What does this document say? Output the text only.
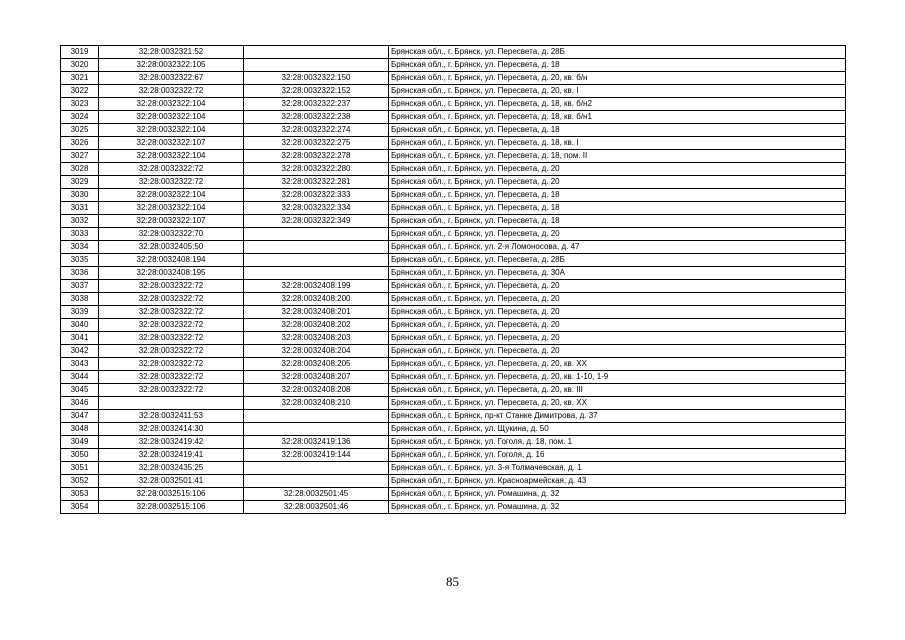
3019	32:28:0032321:52		Брянская обл., г. Брянск, ул. Пересвета, д. 28Б
3020	32:28:0032322:105		Брянская обл., г. Брянск, ул. Пересвета, д. 18
3021	32:28:0032322:67	32:28:0032322:150	Брянская обл., г. Брянск, ул. Пересвета, д. 20, кв. б/н
3022	32:28:0032322:72	32:28:0032322:152	Брянская обл., г. Брянск, ул. Пересвета, д. 20, кв. I
3023	32:28:0032322:104	32:28:0032322:237	Брянская обл., г. Брянск, ул. Пересвета, д. 18, кв. б/н2
3024	32:28:0032322:104	32:28:0032322:238	Брянская обл., г. Брянск, ул. Пересвета, д. 18, кв. б/н1
3025	32:28:0032322:104	32:28:0032322:274	Брянская обл., г. Брянск, ул. Пересвета, д. 18
3026	32:28:0032322:107	32:28:0032322:275	Брянская обл., г. Брянск, ул. Пересвета, д. 18, кв. I
3027	32:28:0032322:104	32:28:0032322:278	Брянская обл., г. Брянск, ул. Пересвета, д. 18, пом. II
3028	32:28:0032322:72	32:28:0032322:280	Брянская обл., г. Брянск, ул. Пересвета, д. 20
3029	32:28:0032322:72	32:28:0032322:281	Брянская обл., г. Брянск, ул. Пересвета, д. 20
3030	32:28:0032322:104	32:28:0032322:333	Брянская обл., г. Брянск, ул. Пересвета, д. 18
3031	32:28:0032322:104	32:28:0032322:334	Брянская обл., г. Брянск, ул. Пересвета, д. 18
3032	32:28:0032322:107	32:28:0032322:349	Брянская обл., г. Брянск, ул. Пересвета, д. 18
3033	32:28:0032322:70		Брянская обл., г. Брянск, ул. Пересвета, д. 20
3034	32:28:0032405:50		Брянская обл., г. Брянск, ул. 2-я Ломоносова, д. 47
3035	32:28:0032408:194		Брянская обл., г. Брянск, ул. Пересвета, д. 28Б
3036	32:28:0032408:195		Брянская обл., г. Брянск, ул. Пересвета, д. 30А
3037	32:28:0032322:72	32:28:0032408:199	Брянская обл., г. Брянск, ул. Пересвета, д. 20
3038	32:28:0032322:72	32:28:0032408:200	Брянская обл., г. Брянск, ул. Пересвета, д. 20
3039	32:28:0032322:72	32:28:0032408:201	Брянская обл., г. Брянск, ул. Пересвета, д. 20
3040	32:28:0032322:72	32:28:0032408:202	Брянская обл., г. Брянск, ул. Пересвета, д. 20
3041	32:28:0032322:72	32:28:0032408:203	Брянская обл., г. Брянск, ул. Пересвета, д. 20
3042	32:28:0032322:72	32:28:0032408:204	Брянская обл., г. Брянск, ул. Пересвета, д. 20
3043	32:28:0032322:72	32:28:0032408:205	Брянская обл., г. Брянск, ул. Пересвета, д. 20, кв. XX
3044	32:28:0032322:72	32:28:0032408:207	Брянская обл., г. Брянск, ул. Пересвета, д. 20, кв. 1-10, 1-9
3045	32:28:0032322:72	32:28:0032408:208	Брянская обл., г. Брянск, ул. Пересвета, д. 20, кв. III
3046		32:28:0032408:210	Брянская обл., г. Брянск, ул. Пересвета, д. 20, кв. XX
3047	32:28:0032411:53		Брянская обл., г. Брянск, пр-кт Станке Димитрова, д. 37
3048	32:28:0032414:30		Брянская обл., г. Брянск, ул. Щукина, д. 50
3049	32:28:0032419:42	32:28:0032419:136	Брянская обл., г. Брянск, ул. Гоголя, д. 18, пом. 1
3050	32:28:0032419:41	32:28:0032419:144	Брянская обл., г. Брянск, ул. Гоголя, д. 16
3051	32:28:0032435:25		Брянская обл., г. Брянск, ул. 3-я Толмачевская, д. 1
3052	32:28:0032501:41		Брянская обл., г. Брянск, ул. Красноармейская, д. 43
3053	32:28:0032515:106	32:28:0032501:45	Брянская обл., г. Брянск, ул. Ромашина, д. 32
3054	32:28:0032515:106	32:28:0032501:46	Брянская обл., г. Брянск, ул. Ромашина, д. 32
85
